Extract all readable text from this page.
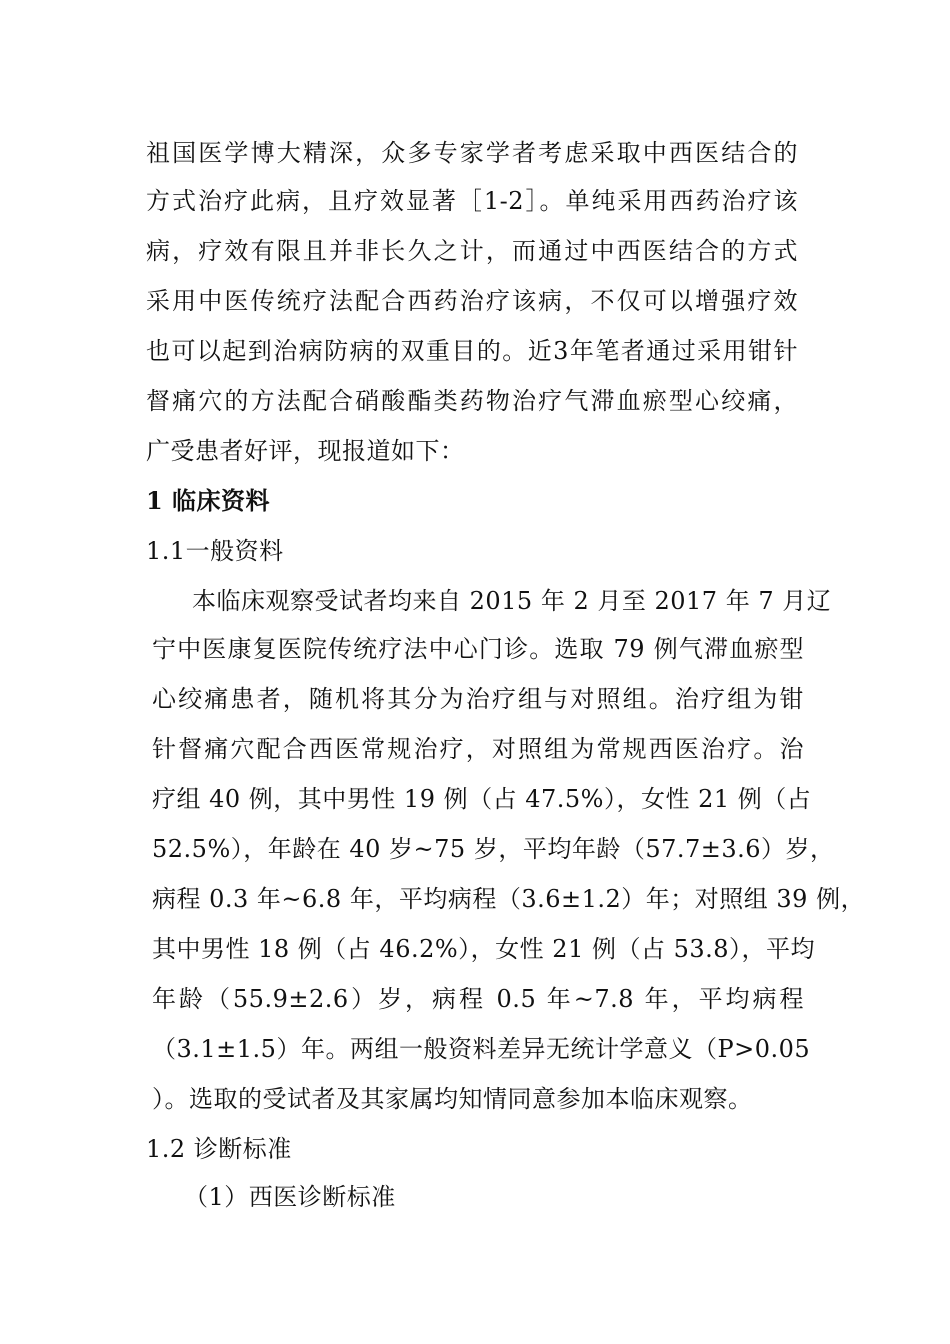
祖国医学博大精深，众多专家学者考虑采取中西医结合的
方式治疗此病，且疗效显著［1-2］。单纯采用西药治疗该
病，疗效有限且并非长久之计，而通过中西医结合的方式
采用中医传统疗法配合西药治疗该病，不仅可以增强疗效
也可以起到治病防病的双重目的。近3年笔者通过采用钳针
督痛穴的方法配合硝酸酯类药物治疗气滞血瘀型心绞痛，
广受患者好评，现报道如下：
1 临床资料
1.1一般资料
本临床观察受试者均来自 2015 年 2 月至 2017 年 7 月辽
宁中医康复医院传统疗法中心门诊。选取 79 例气滞血瘀型
心绞痛患者，随机将其分为治疗组与对照组。治疗组为钳
针督痛穴配合西医常规治疗，对照组为常规西医治疗。治
疗组 40 例，其中男性 19 例（占 47.5%），女性 21 例（占
52.5%），年龄在 40 岁~75 岁，平均年龄（57.7±3.6）岁，
病程 0.3 年~6.8 年，平均病程（3.6±1.2）年；对照组 39 例，
其中男性 18 例（占 46.2%），女性 21 例（占 53.8），平均
年龄（55.9±2.6）岁，病程 0.5 年~7.8 年，平均病程
（3.1±1.5）年。两组一般资料差异无统计学意义（P>0.05
）。选取的受试者及其家属均知情同意参加本临床观察。
1.2 诊断标准
（1）西医诊断标准
